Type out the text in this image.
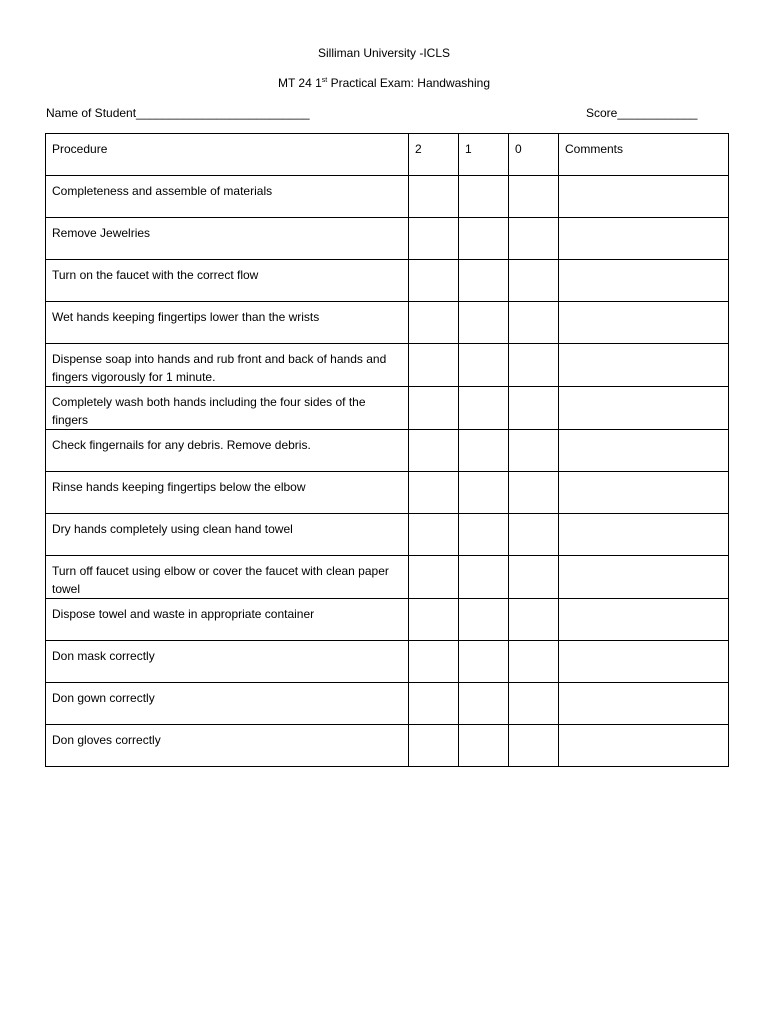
Silliman University -ICLS
MT 24 1st Practical Exam: Handwashing
Name of Student__________________________	Score____________
Procedure	2	1	0	Comments
Completeness and assemble of materials				
Remove Jewelries				
Turn on the faucet with the correct flow				
Wet hands keeping fingertips lower than the wrists				
Dispense soap into hands and rub front and back of hands and fingers vigorously for 1 minute.				
Completely wash both hands including the four sides of the fingers				
Check fingernails for any debris. Remove debris.				
Rinse hands keeping fingertips below the elbow				
Dry hands completely using clean hand towel				
Turn off faucet using elbow or cover the faucet with clean paper towel				
Dispose towel and waste in appropriate container				
Don mask correctly				
Don gown correctly				
Don gloves correctly				
